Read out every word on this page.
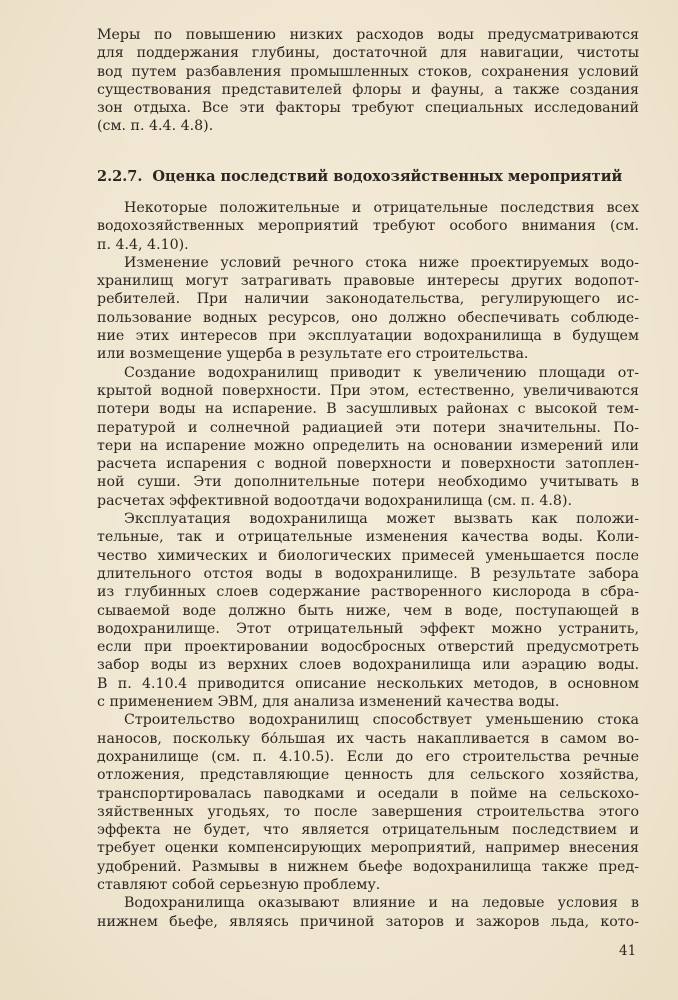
Меры по повышению низких расходов воды предусматриваются
для поддержания глубины, достаточной для навигации, чистоты
вод путем разбавления промышленных стоков, сохранения условий
существования представителей флоры и фауны, а также создания
зон отдыха. Все эти факторы требуют специальных исследований
(см. п. 4.4. 4.8).
2.2.7. Оценка последствий водохозяйственных мероприятий
Некоторые положительные и отрицательные последствия всех
водохозяйственных мероприятий требуют особого внимания (см.
п. 4.4, 4.10).
Изменение условий речного стока ниже проектируемых водо-
хранилищ могут затрагивать правовые интересы других водопот-
ребителей. При наличии законодательства, регулирующего ис-
пользование водных ресурсов, оно должно обеспечивать соблюде-
ние этих интересов при эксплуатации водохранилища в будущем
или возмещение ущерба в результате его строительства.
Создание водохранилищ приводит к увеличению площади от-
крытой водной поверхности. При этом, естественно, увеличиваются
потери воды на испарение. В засушливых районах с высокой тем-
пературой и солнечной радиацией эти потери значительны. По-
тери на испарение можно определить на основании измерений или
расчета испарения с водной поверхности и поверхности затоплен-
ной суши. Эти дополнительные потери необходимо учитывать в
расчетах эффективной водоотдачи водохранилища (см. п. 4.8).
Эксплуатация водохранилища может вызвать как положи-
тельные, так и отрицательные изменения качества воды. Коли-
чество химических и биологических примесей уменьшается после
длительного отстоя воды в водохранилище. В результате забора
из глубинных слоев содержание растворенного кислорода в сбра-
сываемой воде должно быть ниже, чем в воде, поступающей в
водохранилище. Этот отрицательный эффект можно устранить,
если при проектировании водосбросных отверстий предусмотреть
забор воды из верхних слоев водохранилища или аэрацию воды.
В п. 4.10.4 приводится описание нескольких методов, в основном
с применением ЭВМ, для анализа изменений качества воды.
Строительство водохранилищ способствует уменьшению стока
наносов, поскольку бо́льшая их часть накапливается в самом во-
дохранилище (см. п. 4.10.5). Если до его строительства речные
отложения, представляющие ценность для сельского хозяйства,
транспортировалась паводками и оседали в пойме на сельскохо-
зяйственных угодьях, то после завершения строительства этого
эффекта не будет, что является отрицательным последствием и
требует оценки компенсирующих мероприятий, например внесения
удобрений. Размывы в нижнем бьефе водохранилища также пред-
ставляют собой серьезную проблему.
Водохранилища оказывают влияние и на ледовые условия в
нижнем бьефе, являясь причиной заторов и зажоров льда, кото-
41
